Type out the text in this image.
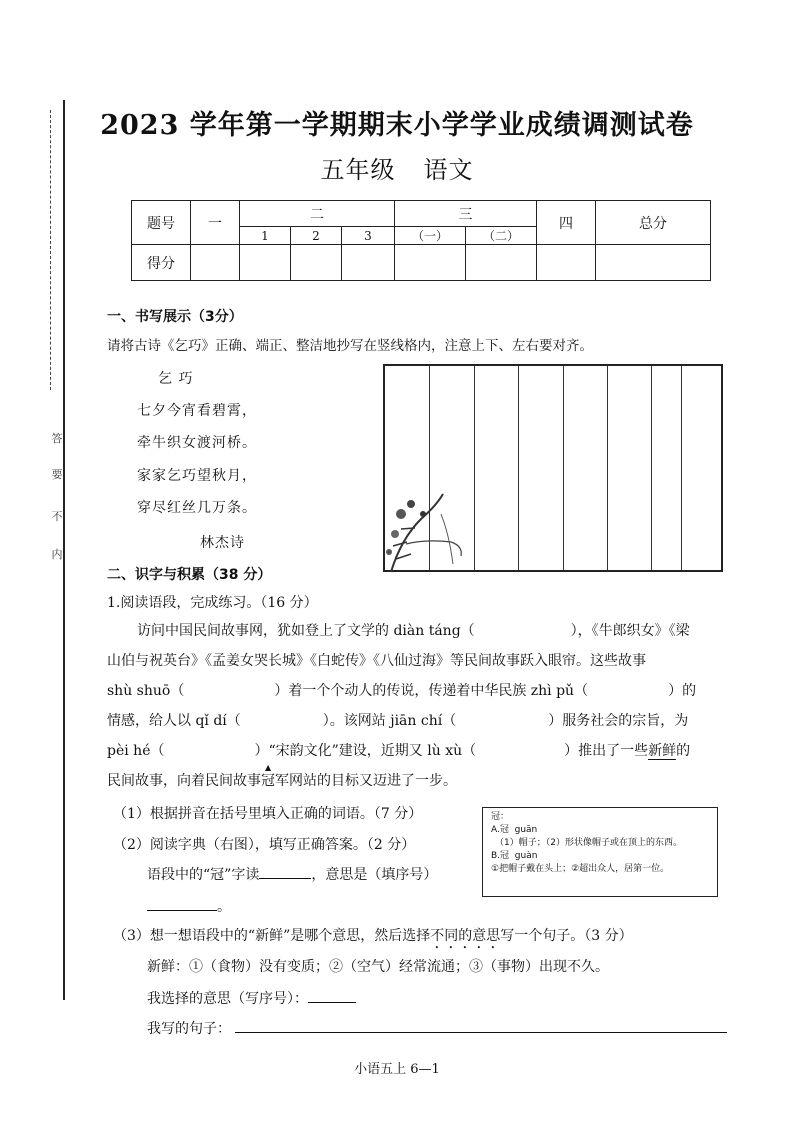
答
要
不
内
2023 学年第一学期期末小学学业成绩调测试卷
五年级 语文
题号	一	二			三		四	总分
		1	2	3	（一）	（二）		
得分								
一、书写展示（3分）
请将古诗《乞巧》正确、端正、整洁地抄写在竖线格内，注意上下、左右要对齐。
乞 巧
七夕今宵看碧霄，
牵牛织女渡河桥。
家家乞巧望秋月，
穿尽红丝几万条。
林杰诗
二、识字与积累（38 分）
1.阅读语段，完成练习。（16 分）
访问中国民间故事网，犹如登上了文学的 diàn táng（	），《牛郎织女》《梁
山伯与祝英台》《孟姜女哭长城》《白蛇传》《八仙过海》等民间故事跃入眼帘。这些故事
shù shuō（	）着一个个动人的传说，传递着中华民族 zhì pǔ（	）的
情感，给人以 qǐ dí（	）。该网站 jiān chí（	）服务社会的宗旨，为
pèi hé（	）“宋韵文化”建设，近期又 lù xù（	）推出了一些新鲜的
民间故事，向着民间故事
▲
冠军网站的目标又迈进了一步。
（1）根据拼音在括号里填入正确的词语。（7 分）
（2）阅读字典（右图），填写正确答案。（2 分）
语段中的“冠”字读	，意思是（填序号）
。
冠：
A.冠 guān
（1）帽子；（2）形状像帽子或在顶上的东西。
B.冠 guàn
①把帽子戴在头上；②超出众人，居第一位。
（3）想一想语段中的“新鲜”是哪个意思，然后选择不同的意思写一个句子。（3 分）
新鲜：①（食物）没有变质；②（空气）经常流通；③（事物）出现不久。
我选择的意思（写序号）：
我写的句子：
小语五上 6—1
